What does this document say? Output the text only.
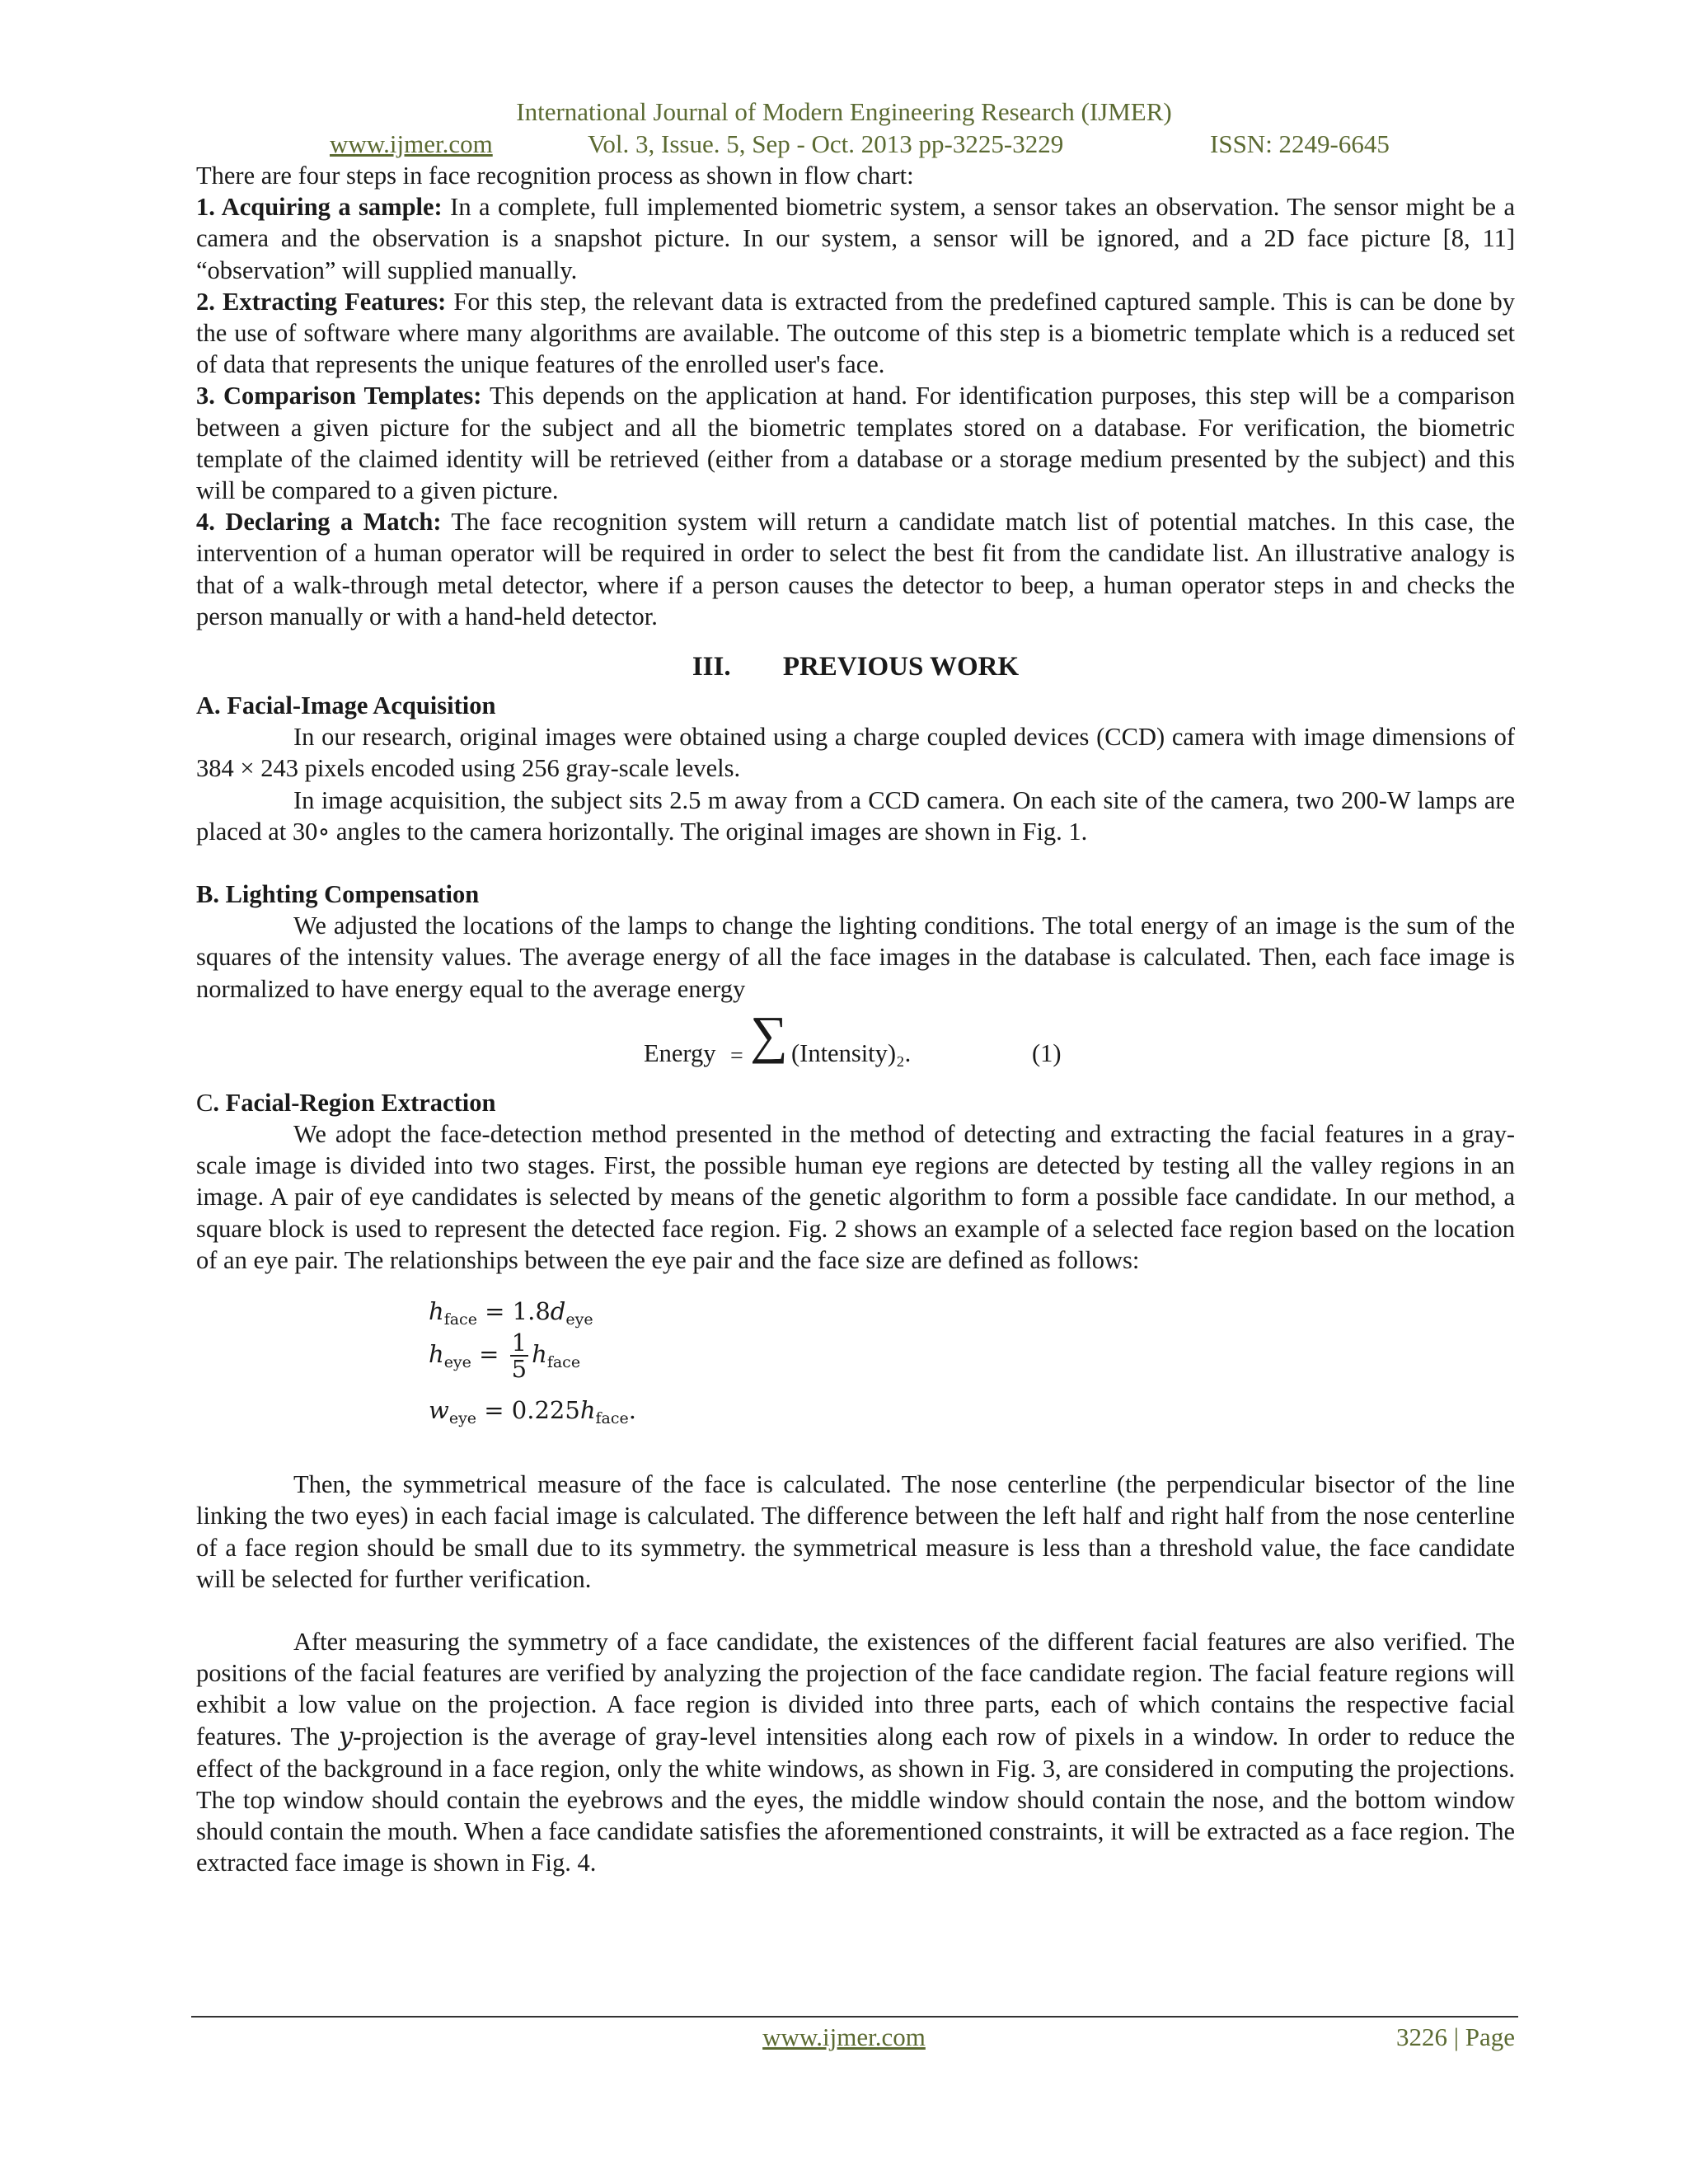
International Journal of Modern Engineering Research (IJMER)
www.ijmer.com	Vol. 3, Issue. 5, Sep - Oct. 2013 pp-3225-3229	ISSN: 2249-6645

There are four steps in face recognition process as shown in flow chart:

1. Acquiring a sample: In a complete, full implemented biometric system, a sensor takes an observation. The sensor might be a camera and the observation is a snapshot picture. In our system, a sensor will be ignored, and a 2D face picture [8, 11] “observation” will supplied manually.

2. Extracting Features: For this step, the relevant data is extracted from the predefined captured sample. This is can be done by the use of software where many algorithms are available. The outcome of this step is a biometric template which is a reduced set of data that represents the unique features of the enrolled user's face.

3. Comparison Templates: This depends on the application at hand. For identification purposes, this step will be a comparison between a given picture for the subject and all the biometric templates stored on a database. For verification, the biometric template of the claimed identity will be retrieved (either from a database or a storage medium presented by the subject) and this will be compared to a given picture.

4. Declaring a Match: The face recognition system will return a candidate match list of potential matches. In this case, the intervention of a human operator will be required in order to select the best fit from the candidate list. An illustrative analogy is that of a walk-through metal detector, where if a person causes the detector to beep, a human operator steps in and checks the person manually or with a hand-held detector.

III. PREVIOUS WORK

A. Facial-Image Acquisition

In our research, original images were obtained using a charge coupled devices (CCD) camera with image dimensions of 384 × 243 pixels encoded using 256 gray-scale levels.

In image acquisition, the subject sits 2.5 m away from a CCD camera. On each site of the camera, two 200-W lamps are placed at 30∘ angles to the camera horizontally. The original images are shown in Fig. 1.

B. Lighting Compensation

We adjusted the locations of the lamps to change the lighting conditions. The total energy of an image is the sum of the squares of the intensity values. The average energy of all the face images in the database is calculated. Then, each face image is normalized to have energy equal to the average energy

Energy = ∑ (Intensity)₂.	(1)

C. Facial-Region Extraction

We adopt the face-detection method presented in the method of detecting and extracting the facial features in a gray-scale image is divided into two stages. First, the possible human eye regions are detected by testing all the valley regions in an image. A pair of eye candidates is selected by means of the genetic algorithm to form a possible face candidate. In our method, a square block is used to represent the detected face region. Fig. 2 shows an example of a selected face region based on the location of an eye pair. The relationships between the eye pair and the face size are defined as follows:

$h_{face} = 1.8d_{eye}$
$h_{eye} = \frac{1}{5} h_{face}$
$w_{eye} = 0.225h_{face}$.

Then, the symmetrical measure of the face is calculated. The nose centerline (the perpendicular bisector of the line linking the two eyes) in each facial image is calculated. The difference between the left half and right half from the nose centerline of a face region should be small due to its symmetry. the symmetrical measure is less than a threshold value, the face candidate will be selected for further verification.

After measuring the symmetry of a face candidate, the existences of the different facial features are also verified. The positions of the facial features are verified by analyzing the projection of the face candidate region. The facial feature regions will exhibit a low value on the projection. A face region is divided into three parts, each of which contains the respective facial features. The y-projection is the average of gray-level intensities along each row of pixels in a window. In order to reduce the effect of the background in a face region, only the white windows, as shown in Fig. 3, are considered in computing the projections. The top window should contain the eyebrows and the eyes, the middle window should contain the nose, and the bottom window should contain the mouth. When a face candidate satisfies the aforementioned constraints, it will be extracted as a face region. The extracted face image is shown in Fig. 4.

www.ijmer.com	3226 | Page
